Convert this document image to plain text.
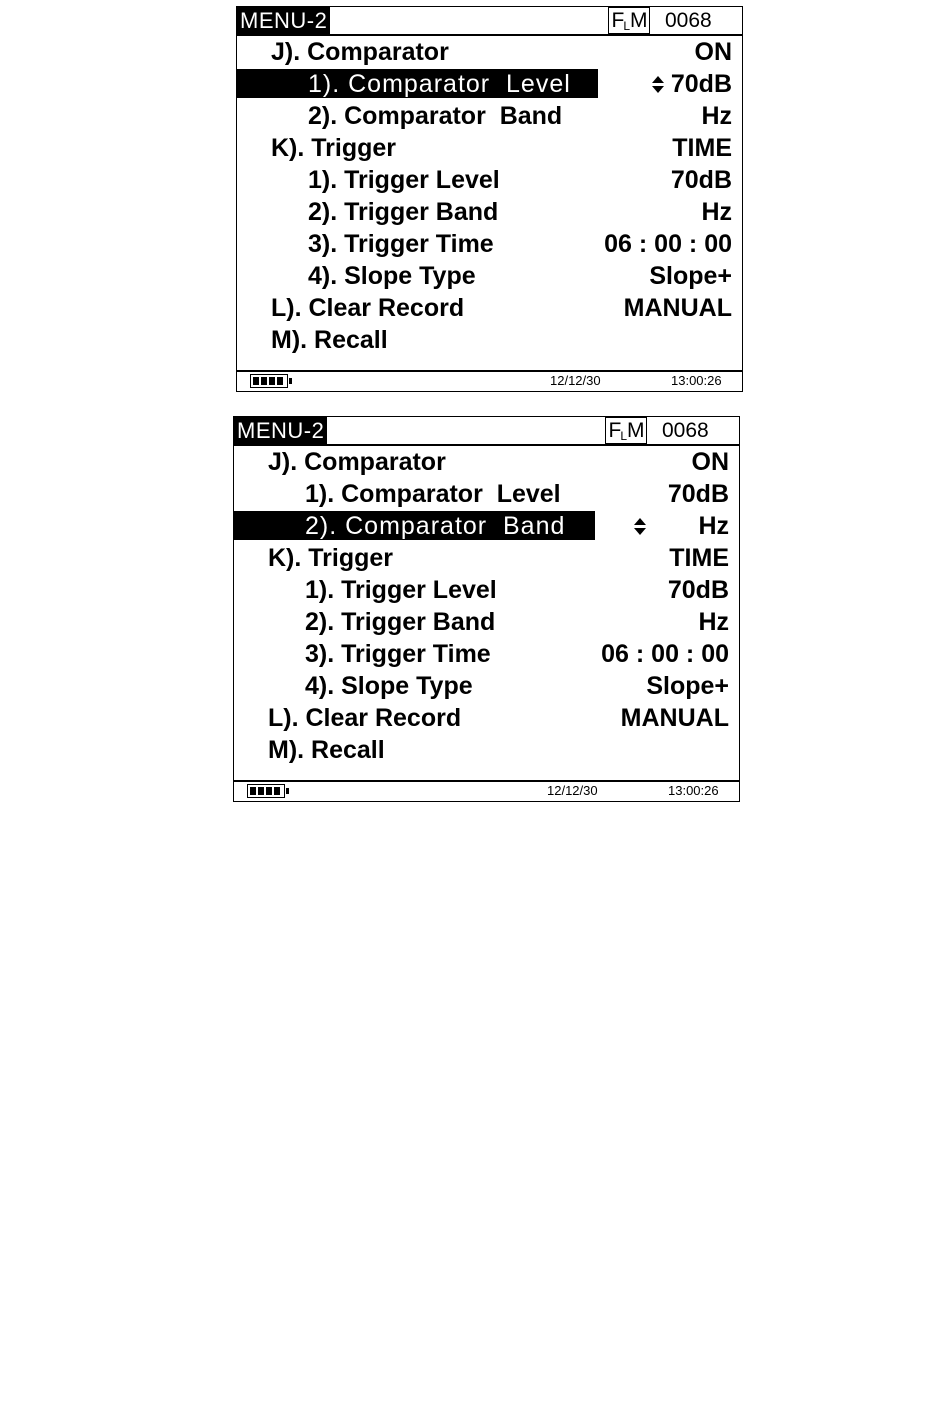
MENU-2	$F_LM$ 0068
J). Comparator	ON
1). Comparator  Level	70dB
2). Comparator  Band	Hz
K). Trigger	TIME
1). Trigger Level	70dB
2). Trigger Band	Hz
3). Trigger Time	06 : 00 : 00
4). Slope Type	Slope+
L). Clear Record	MANUAL
M). Recall
12/12/30	13:00:26
MENU-2	$F_LM$ 0068
J). Comparator	ON
1). Comparator  Level	70dB
2). Comparator  Band	Hz
K). Trigger	TIME
1). Trigger Level	70dB
2). Trigger Band	Hz
3). Trigger Time	06 : 00 : 00
4). Slope Type	Slope+
L). Clear Record	MANUAL
M). Recall
12/12/30	13:00:26
